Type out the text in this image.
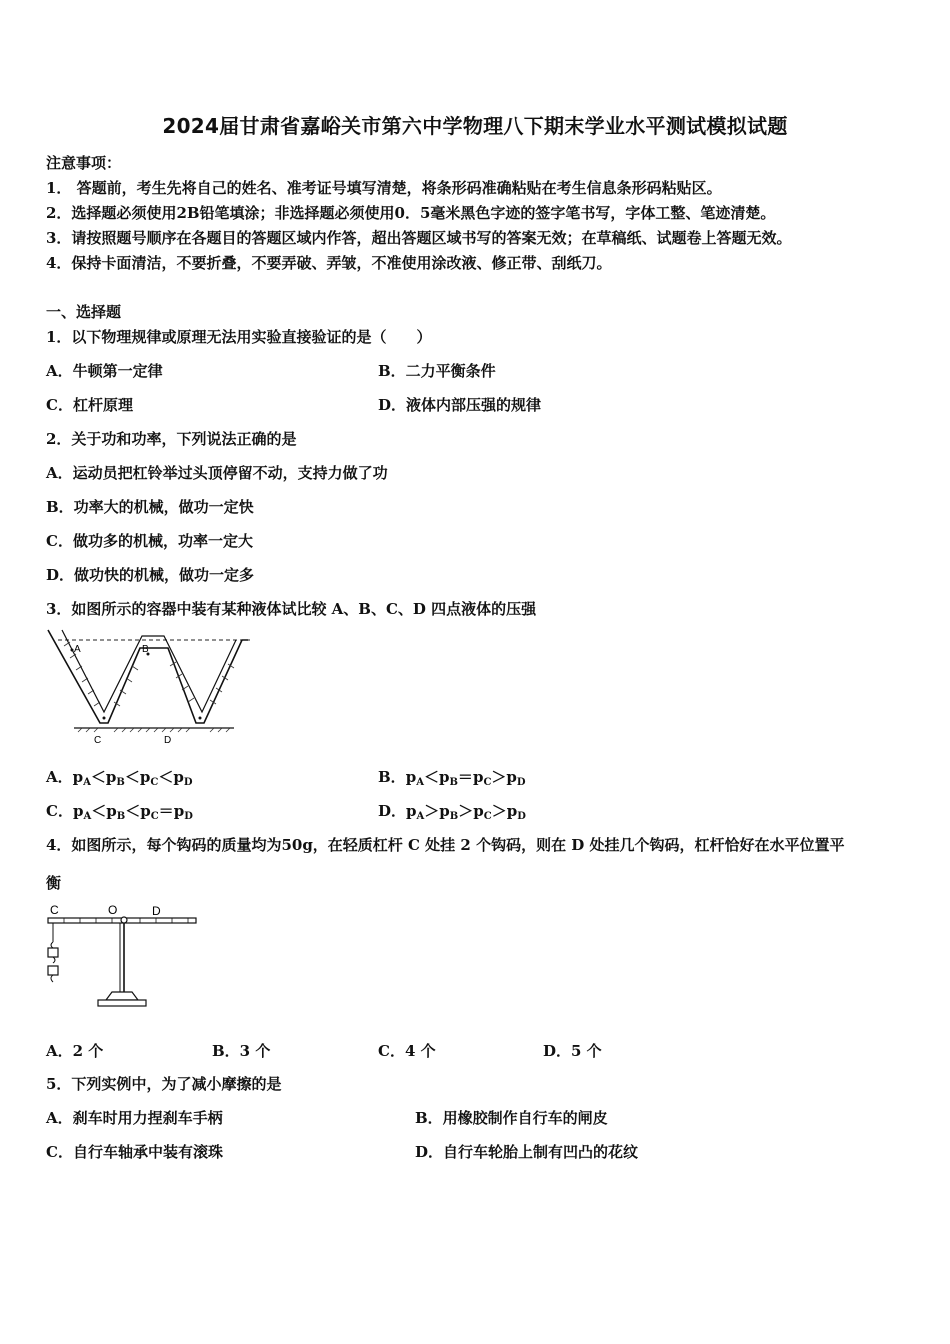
2024届甘肃省嘉峪关市第六中学物理八下期末学业水平测试模拟试题
注意事项：
1． 答题前，考生先将自己的姓名、准考证号填写清楚，将条形码准确粘贴在考生信息条形码粘贴区。
2．选择题必须使用2B铅笔填涂；非选择题必须使用0．5毫米黑色字迹的签字笔书写，字体工整、笔迹清楚。
3．请按照题号顺序在各题目的答题区域内作答，超出答题区域书写的答案无效；在草稿纸、试题卷上答题无效。
4．保持卡面清洁，不要折叠，不要弄破、弄皱，不准使用涂改液、修正带、刮纸刀。
一、选择题
1．以下物理规律或原理无法用实验直接验证的是（　　）
A．牛顿第一定律	B．二力平衡条件
C．杠杆原理	D．液体内部压强的规律
2．关于功和功率，下列说法正确的是
A．运动员把杠铃举过头顶停留不动，支持力做了功
B．功率大的机械，做功一定快
C．做功多的机械，功率一定大
D．做功快的机械，做功一定多
3．如图所示的容器中装有某种液体试比较 A、B、C、D 四点液体的压强
A	B
C	D
A．$p_A<p_B<p_C<p_D$	B．$p_A<p_B=p_C>p_D$
C．$p_A<p_B<p_C=p_D$	D．$p_A>p_B>p_C>p_D$
4．如图所示，每个钩码的质量均为50g，在轻质杠杆 C 处挂 2 个钩码，则在 D 处挂几个钩码，杠杆恰好在水平位置平
衡
C	O	D
A．2 个	B．3 个	C．4 个	D．5 个
5．下列实例中，为了减小摩擦的是
A．刹车时用力捏刹车手柄	B．用橡胶制作自行车的闸皮
C．自行车轴承中装有滚珠	D．自行车轮胎上制有凹凸的花纹
